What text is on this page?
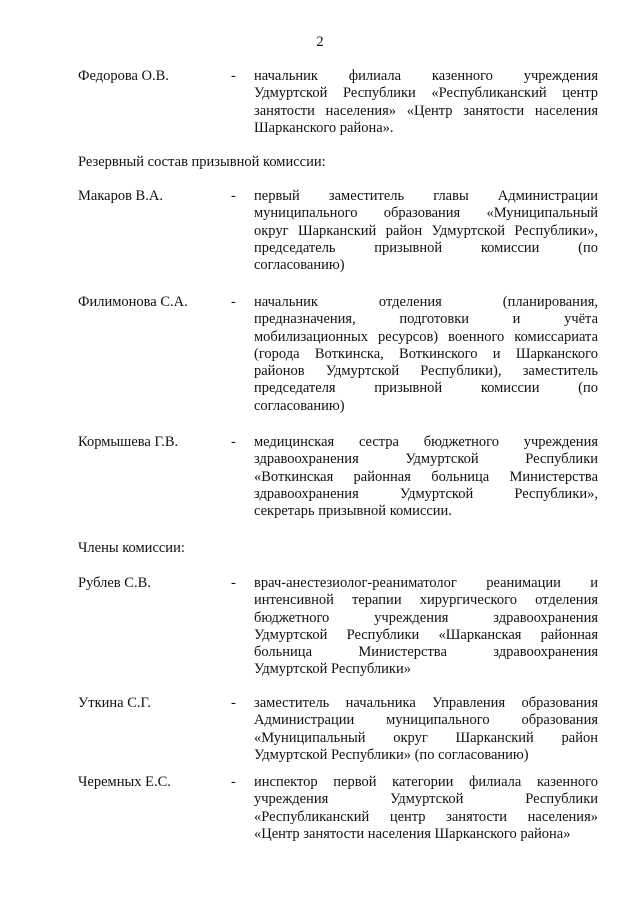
2
Федорова О.В.	- начальник филиала казенного учреждения
Удмуртской Республики «Республиканский центр
занятости населения» «Центр занятости населения
Шарканского района».
Резервный состав призывной комиссии:
Макаров В.А.	- первый заместитель главы Администрации
муниципального образования «Муниципальный
округ Шарканский район Удмуртской Республики»,
председатель призывной комиссии (по
согласованию)
Филимонова С.А.	- начальник отделения (планирования,
предназначения, подготовки и учёта
мобилизационных ресурсов) военного комиссариата
(города Воткинска, Воткинского и Шарканского
районов Удмуртской Республики), заместитель
председателя призывной комиссии (по
согласованию)
Кормышева Г.В.	- медицинская сестра бюджетного учреждения
здравоохранения Удмуртской Республики
«Воткинская районная больница Министерства
здравоохранения Удмуртской Республики»,
секретарь призывной комиссии.
Члены комиссии:
Рублев С.В.	- врач-анестезиолог-реаниматолог реанимации и
интенсивной терапии хирургического отделения
бюджетного учреждения здравоохранения
Удмуртской Республики «Шарканская районная
больница Министерства здравоохранения
Удмуртской Республики»
Уткина С.Г.	- заместитель начальника Управления образования
Администрации муниципального образования
«Муниципальный округ Шарканский район
Удмуртской Республики» (по согласованию)
Черемных Е.С.	- инспектор первой категории филиала казенного
учреждения Удмуртской Республики
«Республиканский центр занятости населения»
«Центр занятости населения Шарканского района»
